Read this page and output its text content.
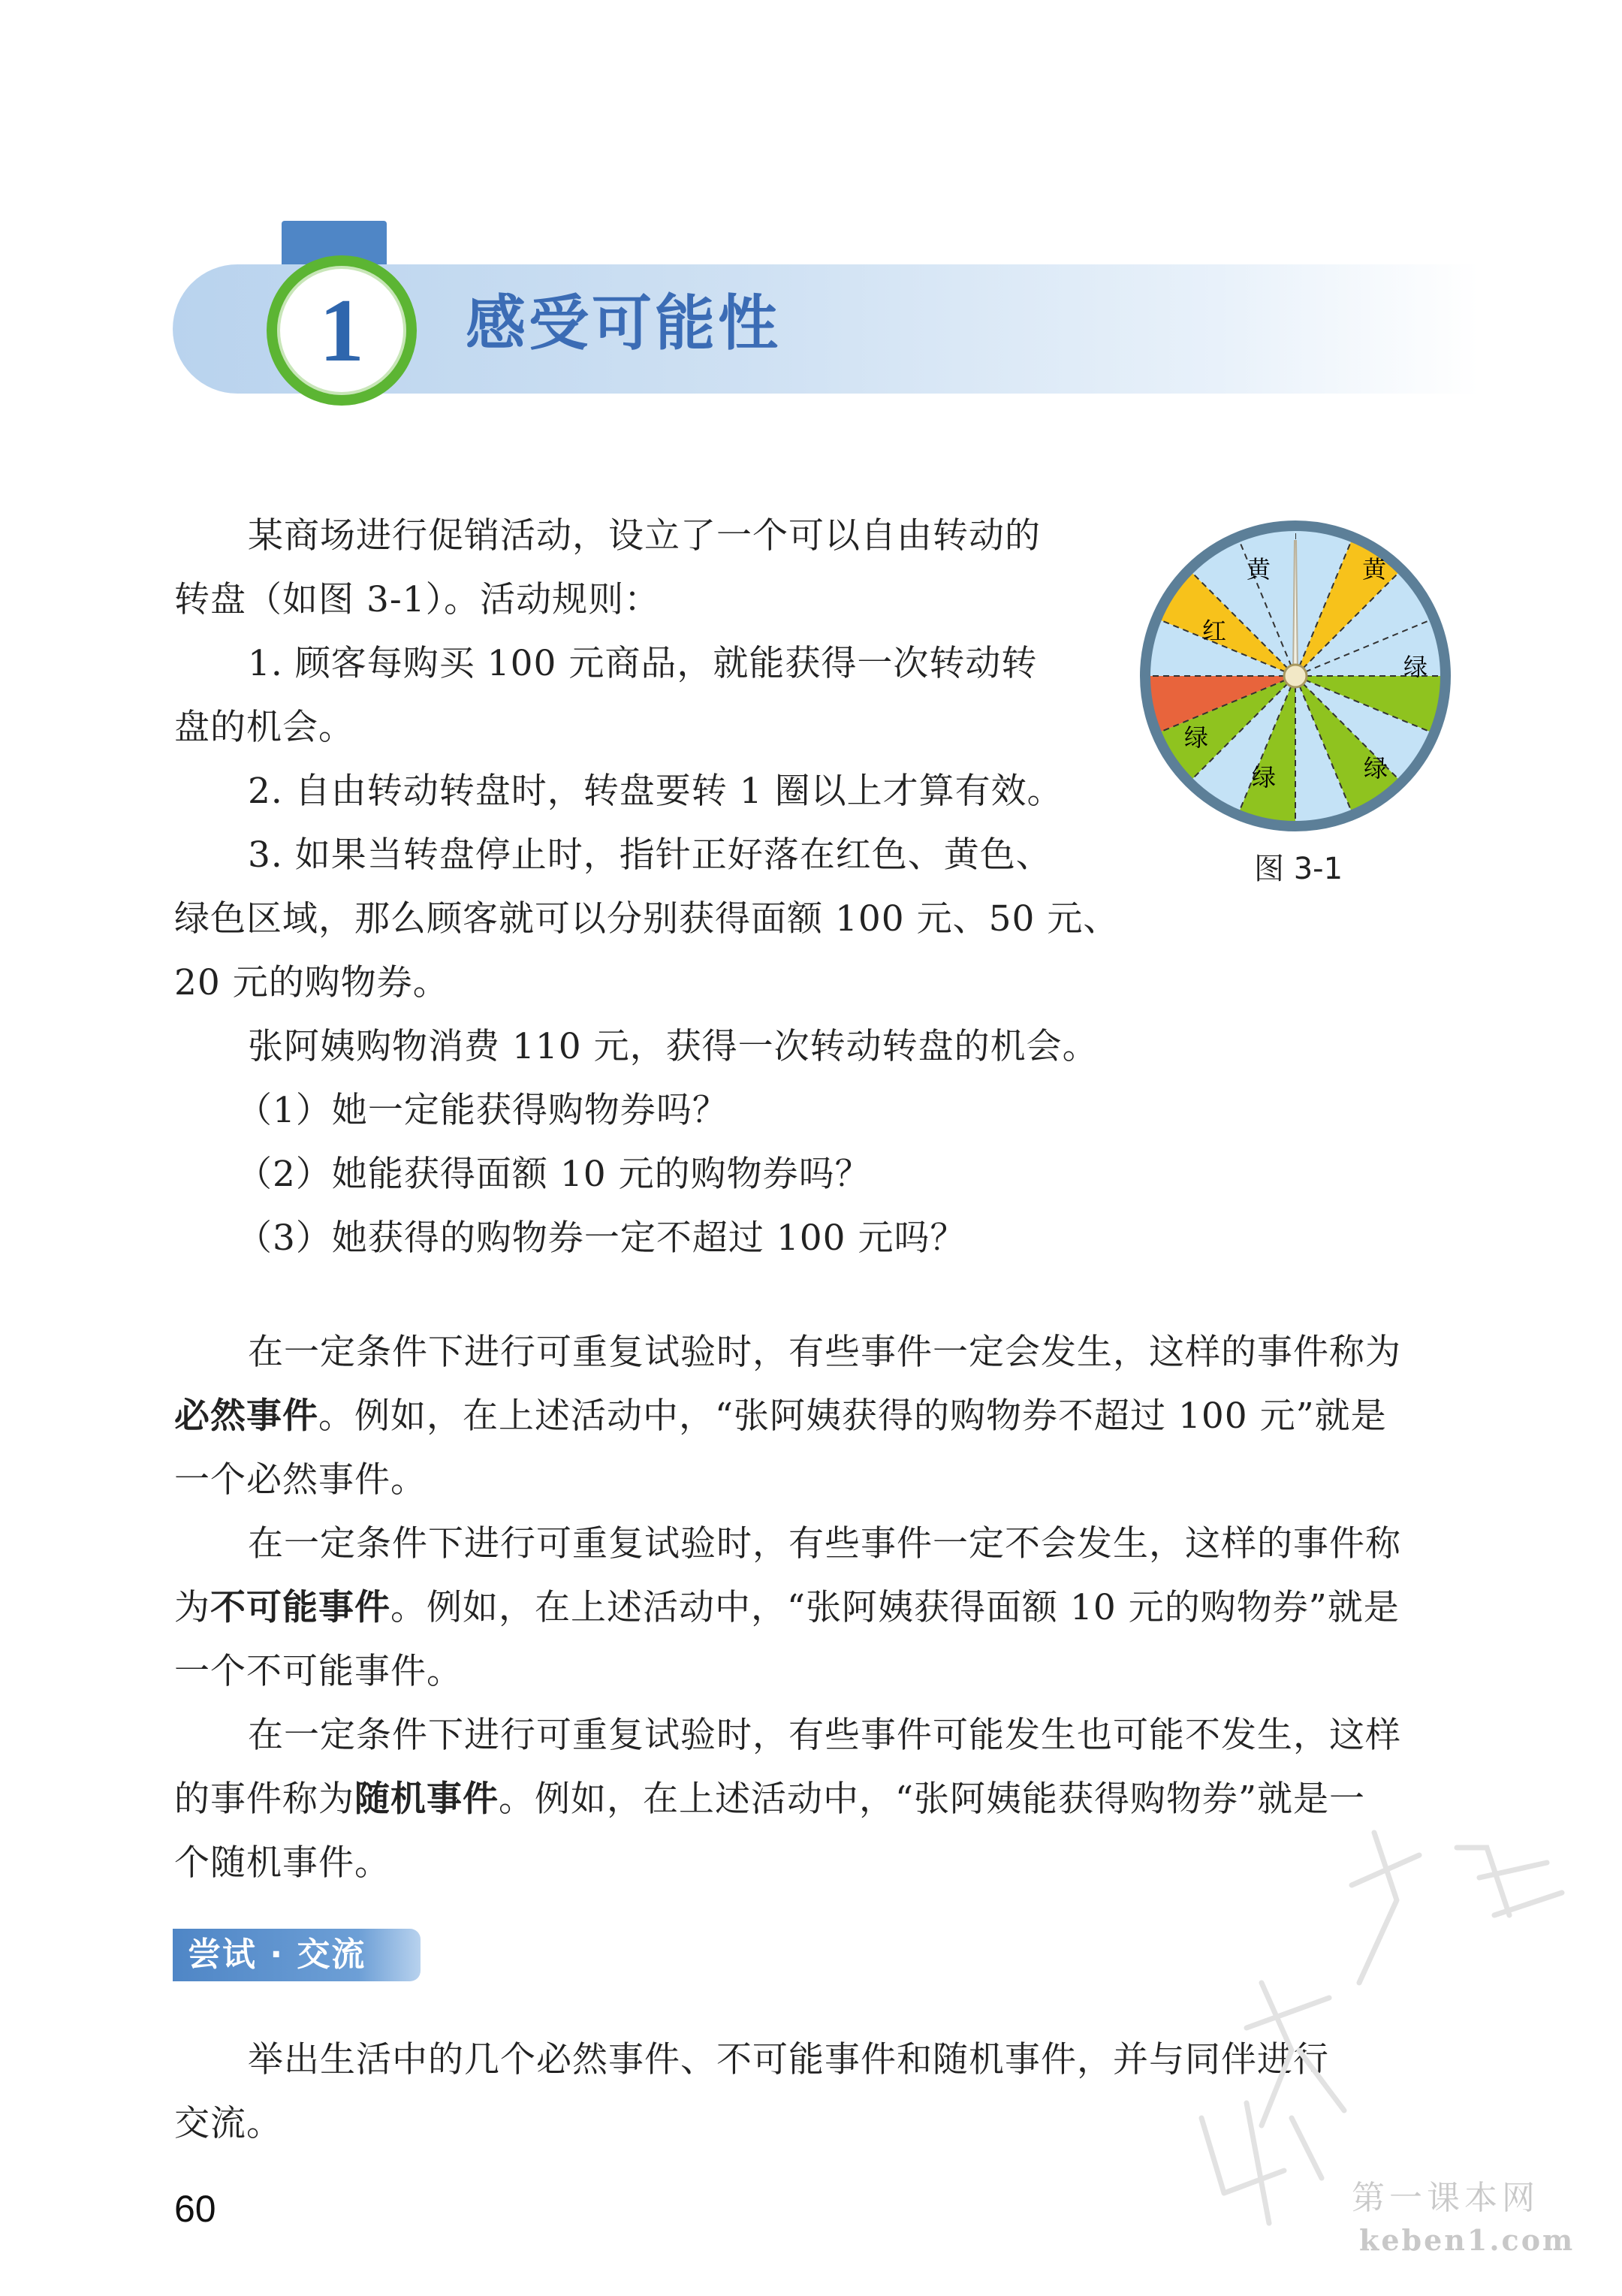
1 感受可能性
某商场进行促销活动，设立了一个可以自由转动的
转盘（如图 3-1）。活动规则：
1. 顾客每购买 100 元商品，就能获得一次转动转
盘的机会。
2. 自由转动转盘时，转盘要转 1 圈以上才算有效。
3. 如果当转盘停止时，指针正好落在红色、黄色、
绿色区域，那么顾客就可以分别获得面额 100 元、50 元、
20 元的购物券。
张阿姨购物消费 110 元，获得一次转动转盘的机会。
（1）她一定能获得购物券吗？
（2）她能获得面额 10 元的购物券吗？
（3）她获得的购物券一定不超过 100 元吗？
红
黄	黄
绿
绿
绿
绿
图 3-1
在一定条件下进行可重复试验时，有些事件一定会发生，这样的事件称为
必然事件。例如，在上述活动中，“张阿姨获得的购物券不超过 100 元”就是
一个必然事件。
在一定条件下进行可重复试验时，有些事件一定不会发生，这样的事件称
为不可能事件。例如，在上述活动中，“张阿姨获得面额 10 元的购物券”就是
一个不可能事件。
在一定条件下进行可重复试验时，有些事件可能发生也可能不发生，这样
的事件称为随机事件。例如，在上述活动中，“张阿姨能获得购物券”就是一
个随机事件。
尝试 · 交流
举出生活中的几个必然事件、不可能事件和随机事件，并与同伴进行
交流。
60	第一课本网
keben1.com
